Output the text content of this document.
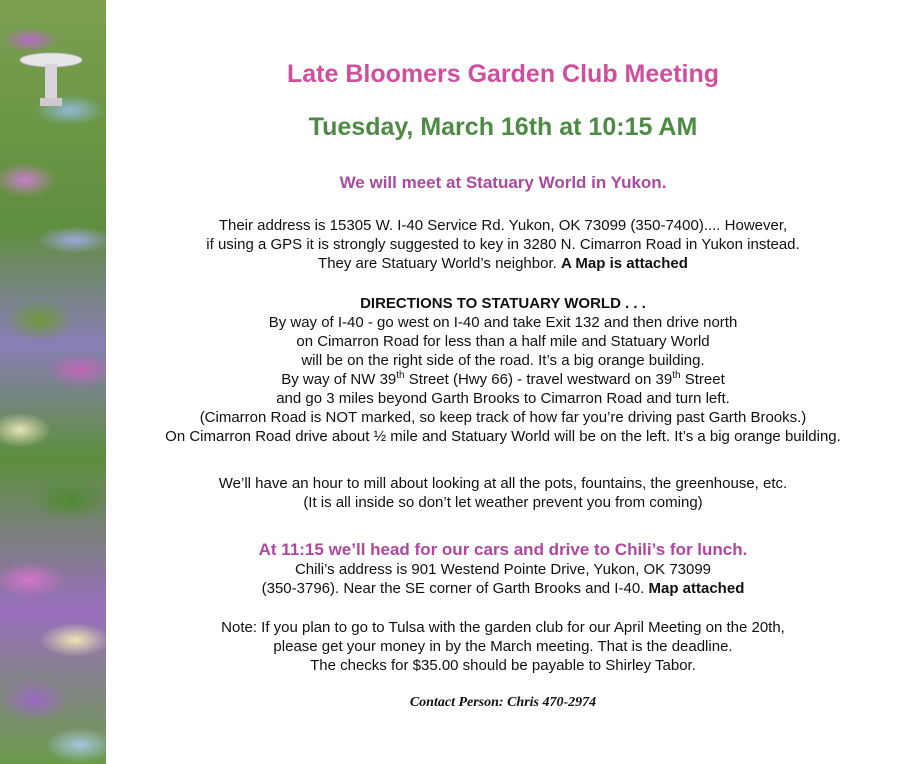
Late Bloomers Garden Club Meeting
Tuesday, March 16th at 10:15 AM
We will meet at Statuary World in Yukon.
Their address is 15305 W. I-40 Service Rd. Yukon, OK 73099 (350-7400).... However,
if using a GPS it is strongly suggested to key in 3280 N. Cimarron Road in Yukon instead.
They are Statuary World’s neighbor. A Map is attached
DIRECTIONS TO STATUARY WORLD . . .
By way of I-40 - go west on I-40 and take Exit 132 and then drive north
on Cimarron Road for less than a half mile and Statuary World
will be on the right side of the road. It’s a big orange building.
By way of NW 39th Street (Hwy 66) - travel westward on 39th Street
and go 3 miles beyond Garth Brooks to Cimarron Road and turn left.
(Cimarron Road is NOT marked, so keep track of how far you’re driving past Garth Brooks.)
On Cimarron Road drive about ½ mile and Statuary World will be on the left. It’s a big orange building.
We’ll have an hour to mill about looking at all the pots, fountains, the greenhouse, etc.
(It is all inside so don’t let weather prevent you from coming)
At 11:15 we’ll head for our cars and drive to Chili’s for lunch.
Chili’s address is 901 Westend Pointe Drive, Yukon, OK 73099
(350-3796). Near the SE corner of Garth Brooks and I-40. Map attached
Note: If you plan to go to Tulsa with the garden club for our April Meeting on the 20th,
please get your money in by the March meeting. That is the deadline.
The checks for $35.00 should be payable to Shirley Tabor.
Contact Person: Chris 470-2974
